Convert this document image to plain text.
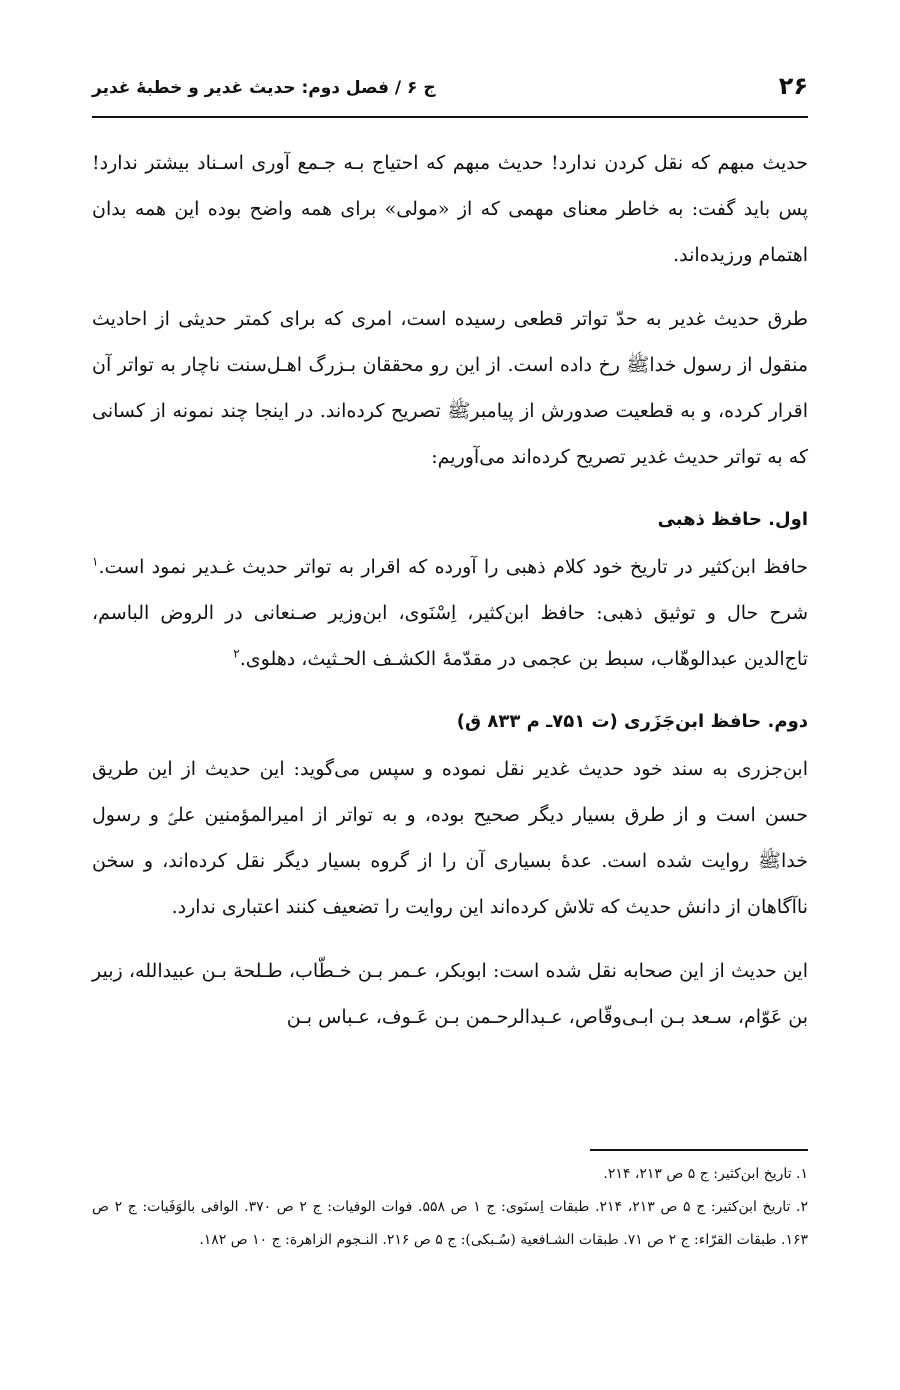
۲۶
ج ۶ / فصل دوم: حدیث غدیر و خطبهٔ غدیر

حدیث مبهم که نقل کردن ندارد! حدیث مبهم که احتیاج بـه جـمع آوری اسـناد بیشتر ندارد! پس باید گفت: به خاطر معنای مهمی که از «مولی» برای همه واضح بوده این همه بدان اهتمام ورزیده‌اند.

طرق حدیث غدیر به حدّ تواتر قطعی رسیده است، امری که برای کمتر حدیثی از احادیث منقول از رسول خداﷺ رخ داده است. از این رو محققان بـزرگ اهـل‌سنت ناچار به تواتر آن اقرار کرده، و به قطعیت صدورش از پیامبرﷺ تصریح کرده‌اند. در اینجا چند نمونه از کسانی که به تواتر حدیث غدیر تصریح کرده‌اند می‌آوریم:

اول. حافظ ذهبی

حافظ ابن‌کثیر در تاریخ خود کلام ذهبی را آورده که اقرار به تواتر حدیث غـدیر نمود است.$^۱$ شرح حال و توثیق ذهبی: حافظ ابن‌کثیر، اِسْنَوی، ابن‌وزیر صـنعانی در الروض الباسم، تاج‌الدین عبدالوهّاب، سبط بن عجمی در مقدّمهٔ الکشـف الحـثیث، دهلوی.$^۲$

دوم. حافظ ابن‌جَزَری (ت ۷۵۱ـ م ۸۳۳ ق)

ابن‌جزری به سند خود حدیث غدیر نقل نموده و سپس می‌گوید: این حدیث از این طریق حسن است و از طرق بسیار دیگر صحیح بوده، و به تواتر از امیرالمؤمنین علیؑ و رسول خداﷺ روایت شده است. عدهٔ بسیاری آن را از گروه بسیار دیگر نقل کرده‌اند، و سخن ناآگاهان از دانش حدیث که تلاش کرده‌اند این روایت را تضعیف کنند اعتباری ندارد.

این حدیث از این صحابه نقل شده است: ابوبکر، عـمر بـن خـطّاب، طـلحة بـن عبیدالله، زبیر بن عَوّام، سـعد بـن ابـی‌وقّاص، عـبدالرحـمن بـن عَـوف، عـباس بـن

۱. تاریخ ابن‌کثیر: ج ۵ ص ۲۱۳، ۲۱۴.

۲. تاریخ ابن‌کثیر: ج ۵ ص ۲۱۳، ۲۱۴. طبقات اِسنَوی: ج ۱ ص ۵۵۸. فوات الوفیات: ج ۲ ص ۳۷۰. الوافی بالوَفَیات: ج ۲ ص ۱۶۳. طبقات القرّاء: ج ۲ ص ۷۱. طبقات الشـافعیة (سُـبکی): ج ۵ ص ۲۱۶. النـجوم الزاهرة: ج ۱۰ ص ۱۸۲.
